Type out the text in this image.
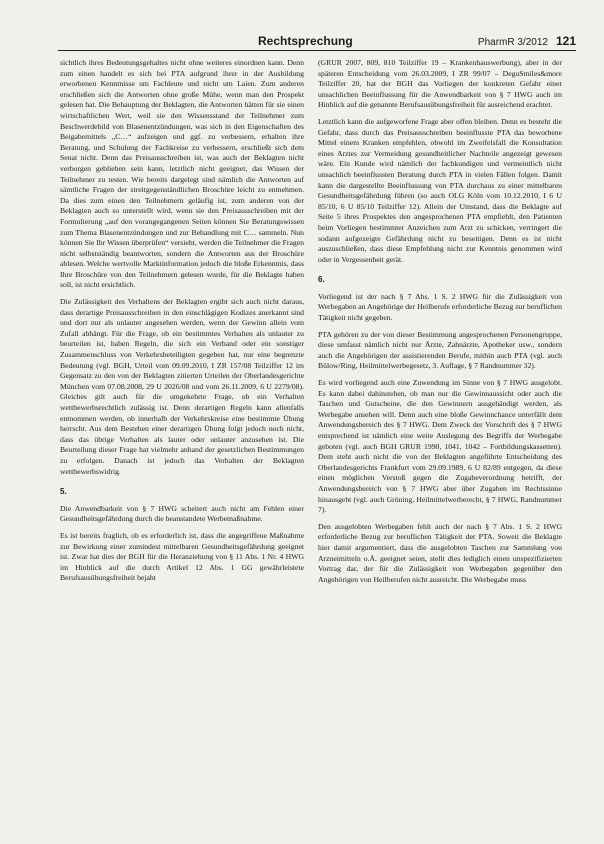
Rechtsprechung	PharmR 3/2012 121

sichtlich ihres Bedeutungsgehaltes nicht ohne weiteres einordnen kann. Denn zum einen handelt es sich bei PTA aufgrund ihrer in der Ausbildung erworbenen Kenntnisse um Fachleute und nicht um Laien. Zum anderen erschließen sich die Antworten ohne große Mühe, wenn man den Prospekt gelesen hat. Die Behauptung der Beklagten, die Antworten hätten für sie einen wirtschaftlichen Wert, weil sie den Wissensstand der Teilnehmer zum Beschwerdebild von Blasenentzündungen, was sich in den Eigenschaften des Beigabemittels „C…“ aufzeigen und ggf. zu verbessern, erhalten ihre Beratung, und Schulung der Fachkreise zu verbessern, erschließt sich dem Senat nicht. Denn das Preisausschreiben ist, was auch der Beklagten nicht verborgen geblieben sein kann, letztlich nicht geeignet, das Wissen der Teilnehmer zu testen. Wie bereits dargelegt sind nämlich die Antworten auf sämtliche Fragen der streitgegenständlichen Broschüre leicht zu entnehmen. Da dies zum einen den Teilnehmern geläufig ist, zum anderen von der Beklagten auch so unterstellt wird, wenn sie den Preisausschreiben mit der Formulierung „auf den vorangegangenen Seiten können Sie Beratungswissen zum Thema Blasenentzündungen und zur Behandlung mit C… sammeln. Nun können Sie Ihr Wissen überprüfen“ versieht, werden die Teilnehmer die Fragen nicht selbstständig beantworten, sondern die Antworten aus der Broschüre ablesen. Welche wertvolle Marktinformation jedoch die bloße Erkenntnis, dass Ihre Broschüre von den Teilnehmern gelesen wurde, für die Beklagte haben soll, ist nicht ersichtlich.

Die Zulässigkeit des Verhaltens der Beklagten ergibt sich auch nicht daraus, dass derartige Preisausschreiben in den einschlägigen Kodizes anerkannt sind und dort nur als unlauter angesehen werden, wenn der Gewinn allein vom Zufall abhängt. Für die Frage, ob ein bestimmtes Verhalten als unlauter zu beurteilen ist, haben Regeln, die sich ein Verband oder ein sonstiger Zusammenschluss von Verkehrsbeteiligten gegeben hat, nur eine begrenzte Bedeutung (vgl. BGH, Urteil vom 09.09.2010, I ZR 157/08 Teilziffer 12 im Gegensatz zu den von der Beklagten zitierten Urteilen der Oberlandesgerichte München vom 07.08.2008, 29 U 2026/08 und vom 26.11.2009, 6 U 2279/08). Gleiches gilt auch für die umgekehrte Frage, ob ein Verhalten wettbewerbsrechtlich zulässig ist. Denn derartigen Regeln kann allenfalls entnommen werden, ob innerhalb der Verkehrskreise eine bestimmte Übung herrscht. Aus dem Bestehen einer derartigen Übung folgt jedoch noch nicht, dass das übrige Verhalten als lauter oder unlauter anzusehen ist. Die Beurteilung dieser Frage hat vielmehr anhand der gesetzlichen Bestimmungen zu erfolgen. Danach ist jedoch das Verhalten der Beklagten wettbewerbswidrig.

5.

Die Anwendbarkeit von § 7 HWG scheitert auch nicht am Fehlen einer Gesundheitsgefährdung durch die beanstandete Werbemaßnahme.

Es ist bereits fraglich, ob es erforderlich ist, dass die angegriffene Maßnahme zur Bewirkung einer zumindest mittelbaren Gesundheitsgefährdung geeignet ist. Zwar hat dies der BGH für die Heranziehung von § 11 Abs. 1 Nr. 4 HWG im Hinblick auf die durch Artikel 12 Abs. 1 GG gewährleistete Berufsausübungsfreiheit bejaht

(GRUR 2007, 809, 810 Teilziffer 19 – Krankenhauswerbung), aber in der späteren Entscheidung vom 26.03.2009, I ZR 99/07 – DeguSmiles&more Teilziffer 20, hat der BGH das Vorliegen der konkreten Gefahr einer unsachlichen Beeinflussung für die Anwendbarkeit von § 7 HWG auch im Hinblick auf die genannte Berufsausübungsfreiheit für ausreichend erachtet.

Letztlich kann die aufgeworfene Frage aber offen bleiben. Denn es besteht die Gefahr, dass durch das Preisausschreiben beeinflusste PTA das beworbene Mittel einem Kranken empfehlen, obwohl im Zweifelsfall die Konsultation eines Arztes zur Vermeidung gesundheitlicher Nachteile angezeigt gewesen wäre. Ein Kunde wird nämlich der fachkundigen und vermeintlich nicht unsachlich beeinflussten Beratung durch PTA in vielen Fällen folgen. Damit kann die dargestellte Beeinflussung von PTA durchaus zu einer mittelbaren Gesundheitsgefährdung führen (so auch OLG Köln vom 10.12.2010, I 6 U 85/10, 6 U 85/10 Teilziffer 12). Allein der Umstand, dass die Beklagte auf Seite 5 ihres Prospektes den angesprochenen PTA empfiehlt, den Patienten beim Vorliegen bestimmter Anzeichen zum Arzt zu schicken, verringert die sodann aufgezeigte Gefährdung nicht zu beseitigen. Denn es ist nicht auszuschließen, dass diese Empfehlung nicht zur Kenntnis genommen wird oder in Vergessenheit gerät.

6.

Vorliegend ist der nach § 7 Abs. 1 S. 2 HWG für die Zulässigkeit von Werbegaben an Angehörige der Heilberufe erforderliche Bezug zur beruflichen Tätigkeit nicht gegeben.

PTA gehören zu der von dieser Bestimmung angesprochenen Personengruppe, diese umfasst nämlich nicht nur Ärzte, Zahnärzte, Apotheker usw., sondern auch die Angehörigen der assistierenden Berufe, mithin auch PTA (vgl. auch Bülow/Ring, Heilmittelwerbegesetz, 3. Auflage, § 7 Randnummer 32).

Es wird vorliegend auch eine Zuwendung im Sinne von § 7 HWG ausgelobt. Es kann dabei dahinstehen, ob man nur die Gewinnaussicht oder auch die Taschen und Gutscheine, die den Gewinnern ausgehändigt werden, als Werbegabe ansehen will. Denn auch eine bloße Gewinnchance unterfällt dem Anwendungsbereich des § 7 HWG. Dem Zweck der Vorschrift des § 7 HWG entsprechend ist nämlich eine weite Auslegung des Begriffs der Werbegabe geboten (vgl. auch BGH GRUR 1990, 1041, 1042 – Fortbildungskassetten). Dem steht auch nicht die von der Beklagten angeführte Entscheidung des Oberlandesgerichts Frankfurt vom 29.09.1989, 6 U 82/89 entgegen, da diese einen möglichen Verstoß gegen die Zugabeverordnung betrifft, der Anwendungsbereich von § 7 HWG aber über Zugaben im Rechtssinne hinausgeht (vgl. auch Gröning, Heilmittelwerberecht, § 7 HWG, Randnummer 7).

Den ausgelobten Werbegaben fehlt auch der nach § 7 Abs. 1 S. 2 HWG erforderliche Bezug zur beruflichen Tätigkeit der PTA. Soweit die Beklagte hier damit argumentiert, dass die ausgelobten Taschen zur Sammlung von Arzneimitteln o.Ä. geeignet seien, stellt dies lediglich einen unspezifizierten Vortrag dar, der für die Zulässigkeit von Werbegaben gegenüber den Angehörigen von Heilberufen nicht ausreicht. Die Werbegabe muss
